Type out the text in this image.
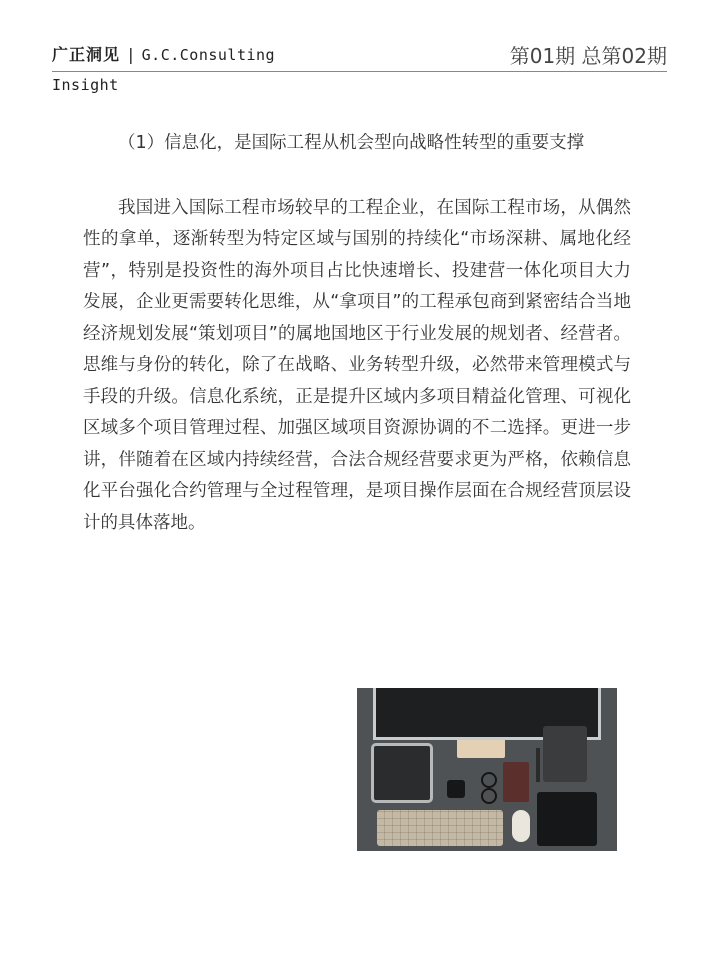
广正洞见 | G.C.Consulting	第01期 总第02期
Insight

（1）信息化，是国际工程从机会型向战略性转型的重要支撑

我国进入国际工程市场较早的工程企业，在国际工程市场，从偶然性的拿单，逐渐转型为特定区域与国别的持续化“市场深耕、属地化经营”，特别是投资性的海外项目占比快速增长、投建营一体化项目大力发展，企业更需要转化思维，从“拿项目”的工程承包商到紧密结合当地经济规划发展“策划项目”的属地国地区于行业发展的规划者、经营者。思维与身份的转化，除了在战略、业务转型升级，必然带来管理模式与手段的升级。信息化系统，正是提升区域内多项目精益化管理、可视化区域多个项目管理过程、加强区域项目资源协调的不二选择。更进一步讲，伴随着在区域内持续经营，合法合规经营要求更为严格，依赖信息化平台强化合约管理与全过程管理，是项目操作层面在合规经营顶层设计的具体落地。
